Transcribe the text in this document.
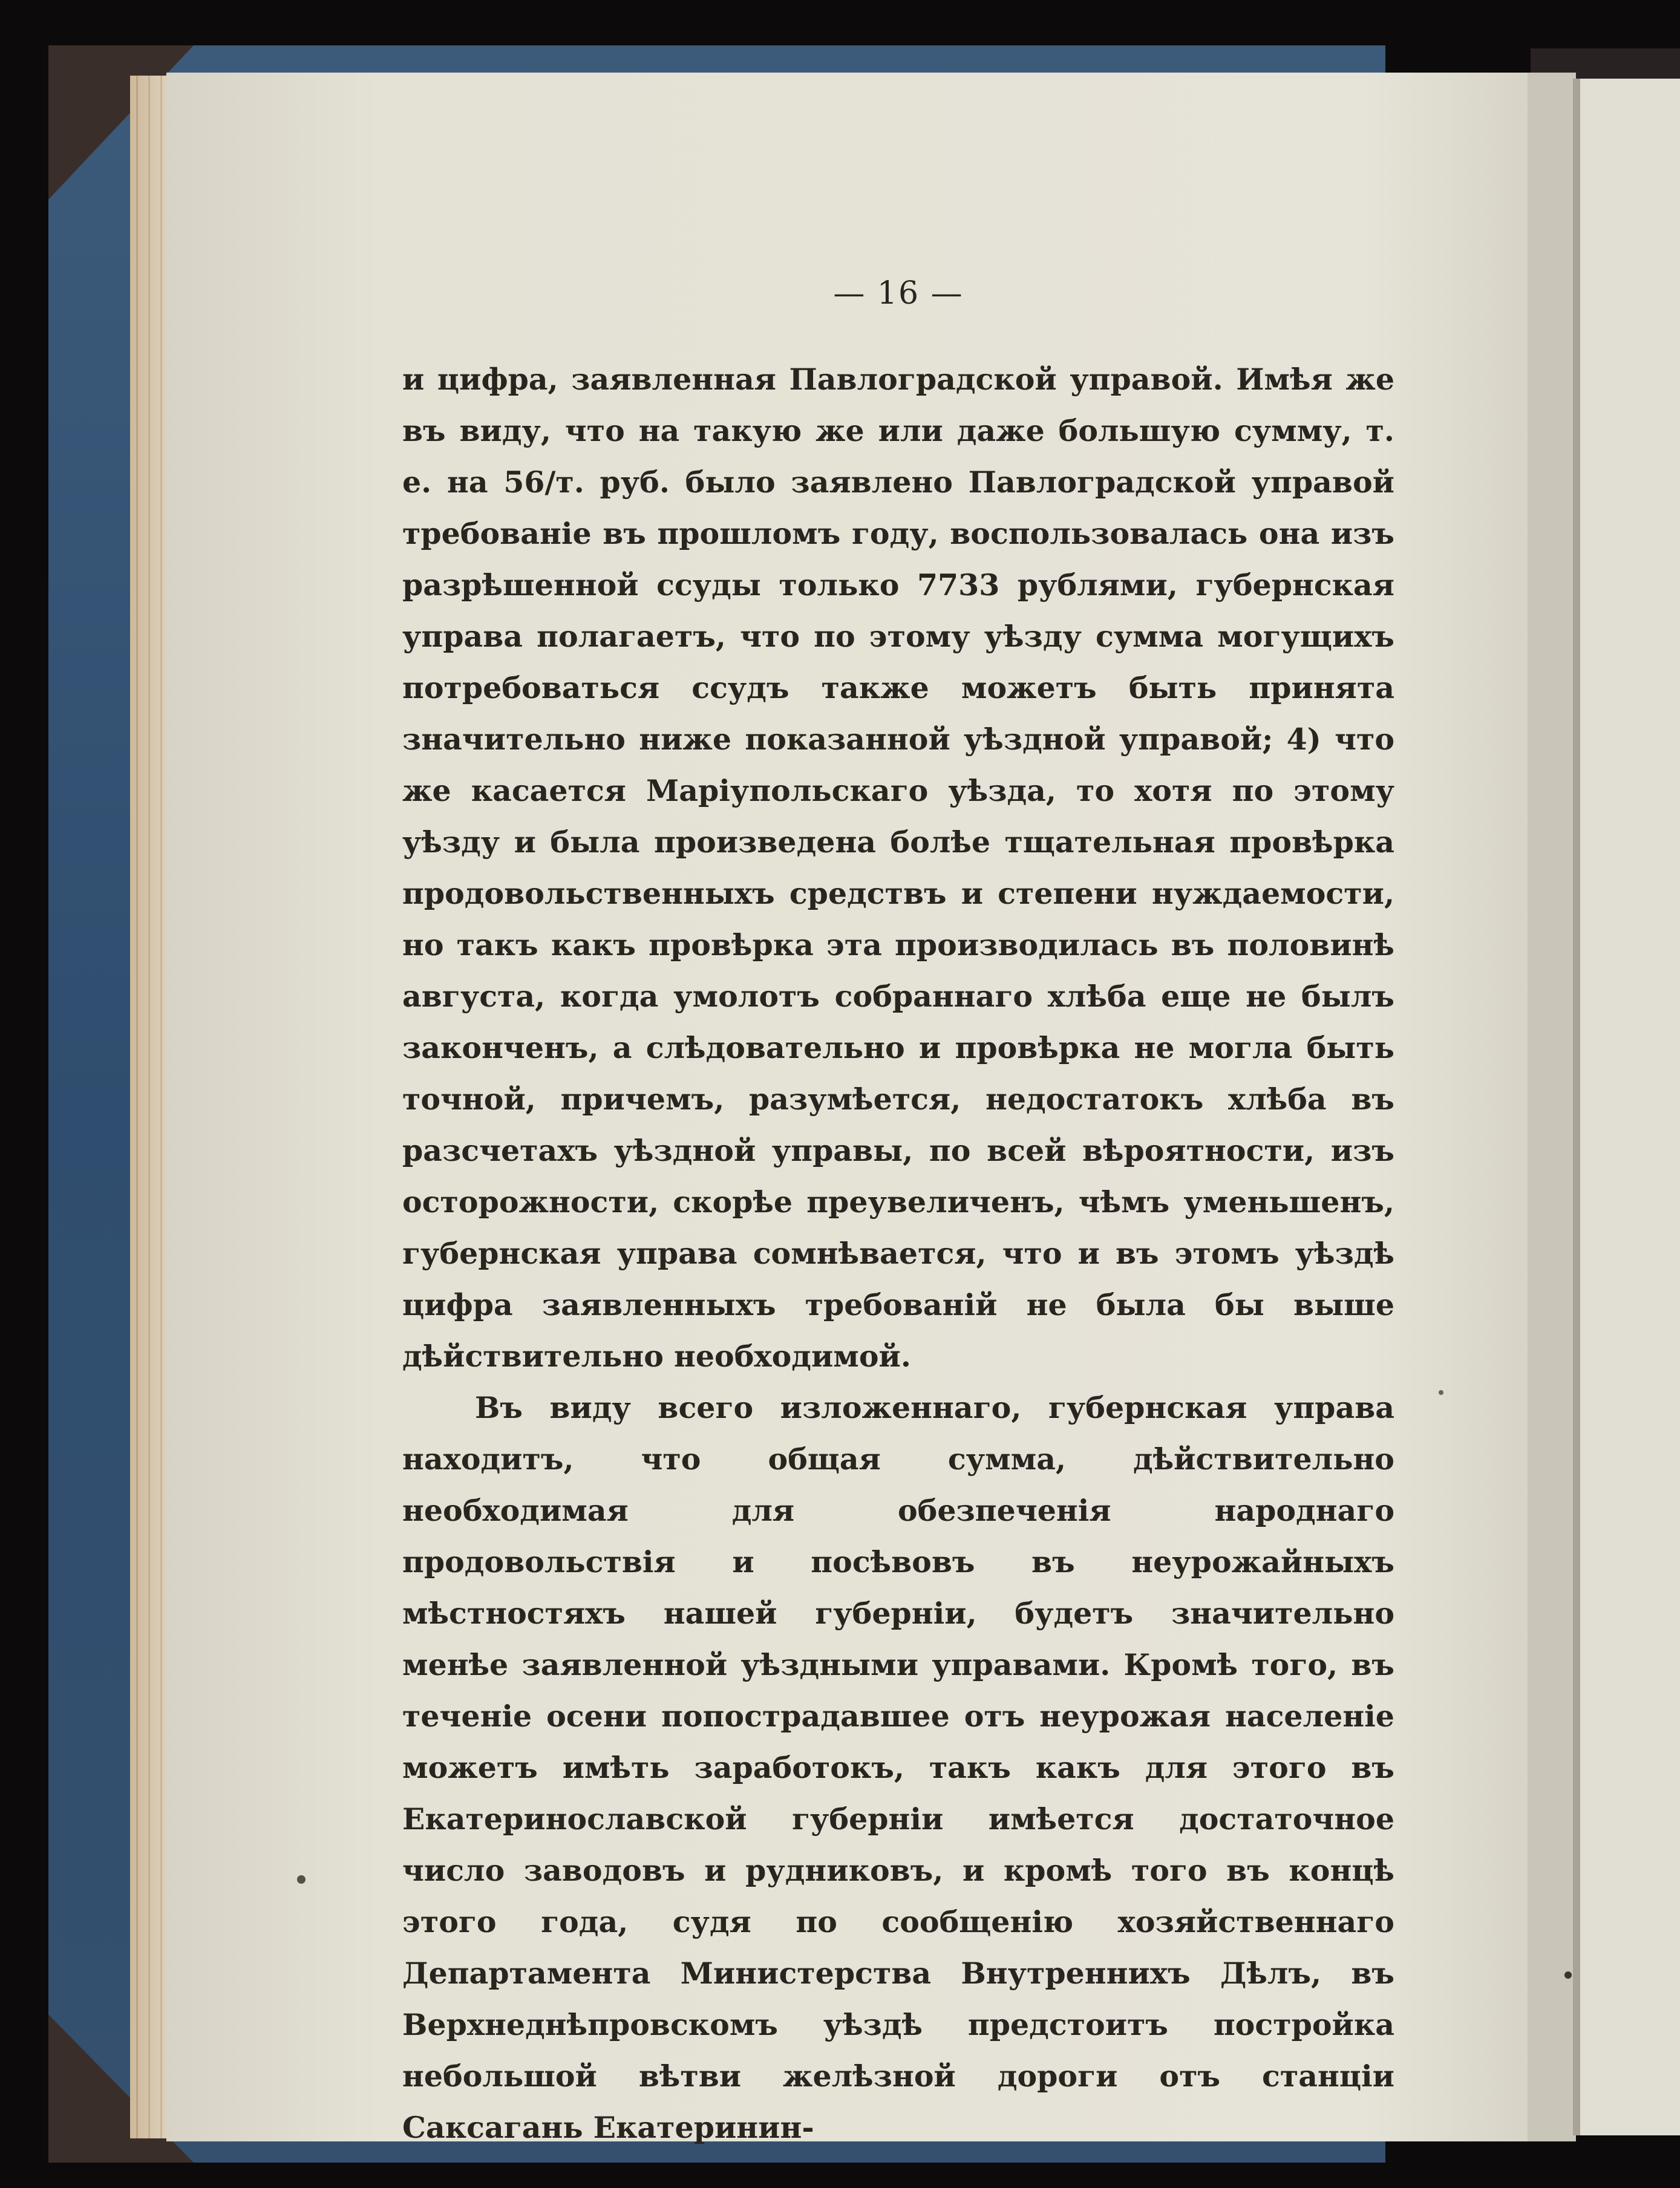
— 16 —

и цифра, заявленная Павлоградской управой. Имѣя же въ виду, что на такую же или даже большую сумму, т. е. на 56/т. руб. было заявлено Павлоградской управой требованіе въ прошломъ году, воспользовалась она изъ разрѣшенной ссуды только 7733 рублями, губернская управа полагаетъ, что по этому уѣзду сумма могущихъ потребоваться ссудъ также можетъ быть принята значительно ниже показанной уѣздной управой; 4) что же касается Маріупольскаго уѣзда, то хотя по этому уѣзду и была произведена болѣе тщательная провѣрка продовольственныхъ средствъ и степени нуждаемости, но такъ какъ провѣрка эта производилась въ половинѣ августа, когда умолотъ собраннаго хлѣба еще не былъ законченъ, а слѣдовательно и провѣрка не могла быть точной, причемъ, разумѣется, недостатокъ хлѣба въ разсчетахъ уѣздной управы, по всей вѣроятности, изъ осторожности, скорѣе преувеличенъ, чѣмъ уменьшенъ, губернская управа сомнѣвается, что и въ этомъ уѣздѣ цифра заявленныхъ требованій не была бы выше дѣйствительно необходимой.

Въ виду всего изложеннаго, губернская управа находитъ, что общая сумма, дѣйствительно необходимая для обезпеченія народнаго продовольствія и посѣвовъ въ неурожайныхъ мѣстностяхъ нашей губерніи, будетъ значительно менѣе заявленной уѣздными управами. Кромѣ того, въ теченіе осени попострадавшее отъ неурожая населеніе можетъ имѣть заработокъ, такъ какъ для этого въ Екатеринославской губерніи имѣется достаточное число заводовъ и рудниковъ, и кромѣ того въ концѣ этого года, судя по сообщенію хозяйственнаго Департамента Министерства Внутреннихъ Дѣлъ, въ Верхнеднѣпровскомъ уѣздѣ предстоитъ постройка небольшой вѣтви желѣзной дороги отъ станціи Саксагань Екатеринин-
